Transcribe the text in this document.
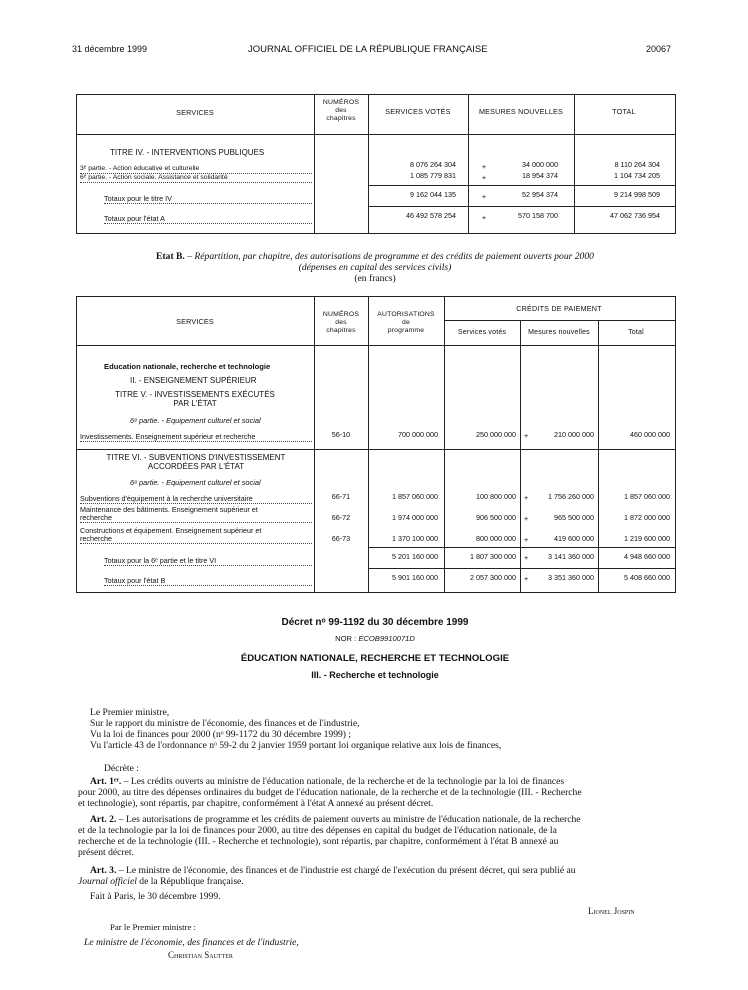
31 décembre 1999	JOURNAL OFFICIEL DE LA RÉPUBLIQUE FRANÇAISE	20067
SERVICES
NUMÉROS
des
chapitres
SERVICES VOTÉS	MESURES NOUVELLES	TOTAL
TITRE IV. - INTERVENTIONS PUBLIQUES
3ᵉ partie. - Action éducative et culturelle	8 076 264 304	+	34 000 000	8 110 264 304
6ᵉ partie. - Action sociale. Assistance et solidarité	1 085 779 831	+	18 954 374	1 104 734 205
Totaux pour le titre IV	9 162 044 135	+	52 954 374	9 214 998 509
Totaux pour l'état A	46 492 578 254	+	570 158 700	47 062 736 954
Etat B. – Répartition, par chapitre, des autorisations de programme et des crédits de paiement ouverts pour 2000
(dépenses en capital des services civils)
(en francs)
SERVICES
NUMÉROS
des
chapitres
AUTORISATIONS
de
programme
CRÉDITS DE PAIEMENT
Services votés	Mesures nouvelles	Total
Education nationale, recherche et technologie
II. - ENSEIGNEMENT SUPÉRIEUR
TITRE V. - INVESTISSEMENTS EXÉCUTÉS
PAR L'ÉTAT
6ᵉ partie. - Equipement culturel et social
Investissements. Enseignement supérieur et recherche	56-10	700 000 000	250 000 000 +	210 000 000	460 000 000
TITRE VI. - SUBVENTIONS D'INVESTISSEMENT
ACCORDÉES PAR L'ÉTAT
6ᵉ partie. - Equipement culturel et social
Subventions d'équipement à la recherche universitaire	66-71	1 857 060 000	100 800 000 +	1 756 260 000	1 857 060 000
Maintenance des bâtiments. Enseignement supérieur et
recherche	66-72	1 974 000 000	906 500 000 +	965 500 000	1 872 000 000
Constructions et équipement. Enseignement supérieur et
recherche	66-73	1 370 100 000	800 000 000 +	419 600 000	1 219 600 000
Totaux pour la 6ᵉ partie et le titre VI	5 201 160 000	1 807 300 000 +	3 141 360 000	4 948 660 000
Totaux pour l'état B	5 901 160 000	2 057 300 000 +	3 351 360 000	5 408 660 000
Décret nᵒ 99-1192 du 30 décembre 1999
NOR : ECOB9910071D
ÉDUCATION NATIONALE, RECHERCHE ET TECHNOLOGIE
III. - Recherche et technologie
Le Premier ministre,
Sur le rapport du ministre de l'économie, des finances et de l'industrie,
Vu la loi de finances pour 2000 (nᵒ 99-1172 du 30 décembre 1999) ;
Vu l'article 43 de l'ordonnance nᵒ 59-2 du 2 janvier 1959 portant loi organique relative aux lois de finances,
Décrète :
Art. 1ᵉʳ. – Les crédits ouverts au ministre de l'éducation nationale, de la recherche et de la technologie par la loi de finances
pour 2000, au titre des dépenses ordinaires du budget de l'éducation nationale, de la recherche et de la technologie (III. - Recherche
et technologie), sont répartis, par chapitre, conformément à l'état A annexé au présent décret.
Art. 2. – Les autorisations de programme et les crédits de paiement ouverts au ministre de l'éducation nationale, de la recherche
et de la technologie par la loi de finances pour 2000, au titre des dépenses en capital du budget de l'éducation nationale, de la
recherche et de la technologie (III. - Recherche et technologie), sont répartis, par chapitre, conformément à l'état B annexé au
présent décret.
Art. 3. – Le ministre de l'économie, des finances et de l'industrie est chargé de l'exécution du présent décret, qui sera publié au
Journal officiel de la République française.
Fait à Paris, le 30 décembre 1999.
Lionel Jospin
Par le Premier ministre :
Le ministre de l'économie, des finances et de l'industrie,
Christian Sautter
